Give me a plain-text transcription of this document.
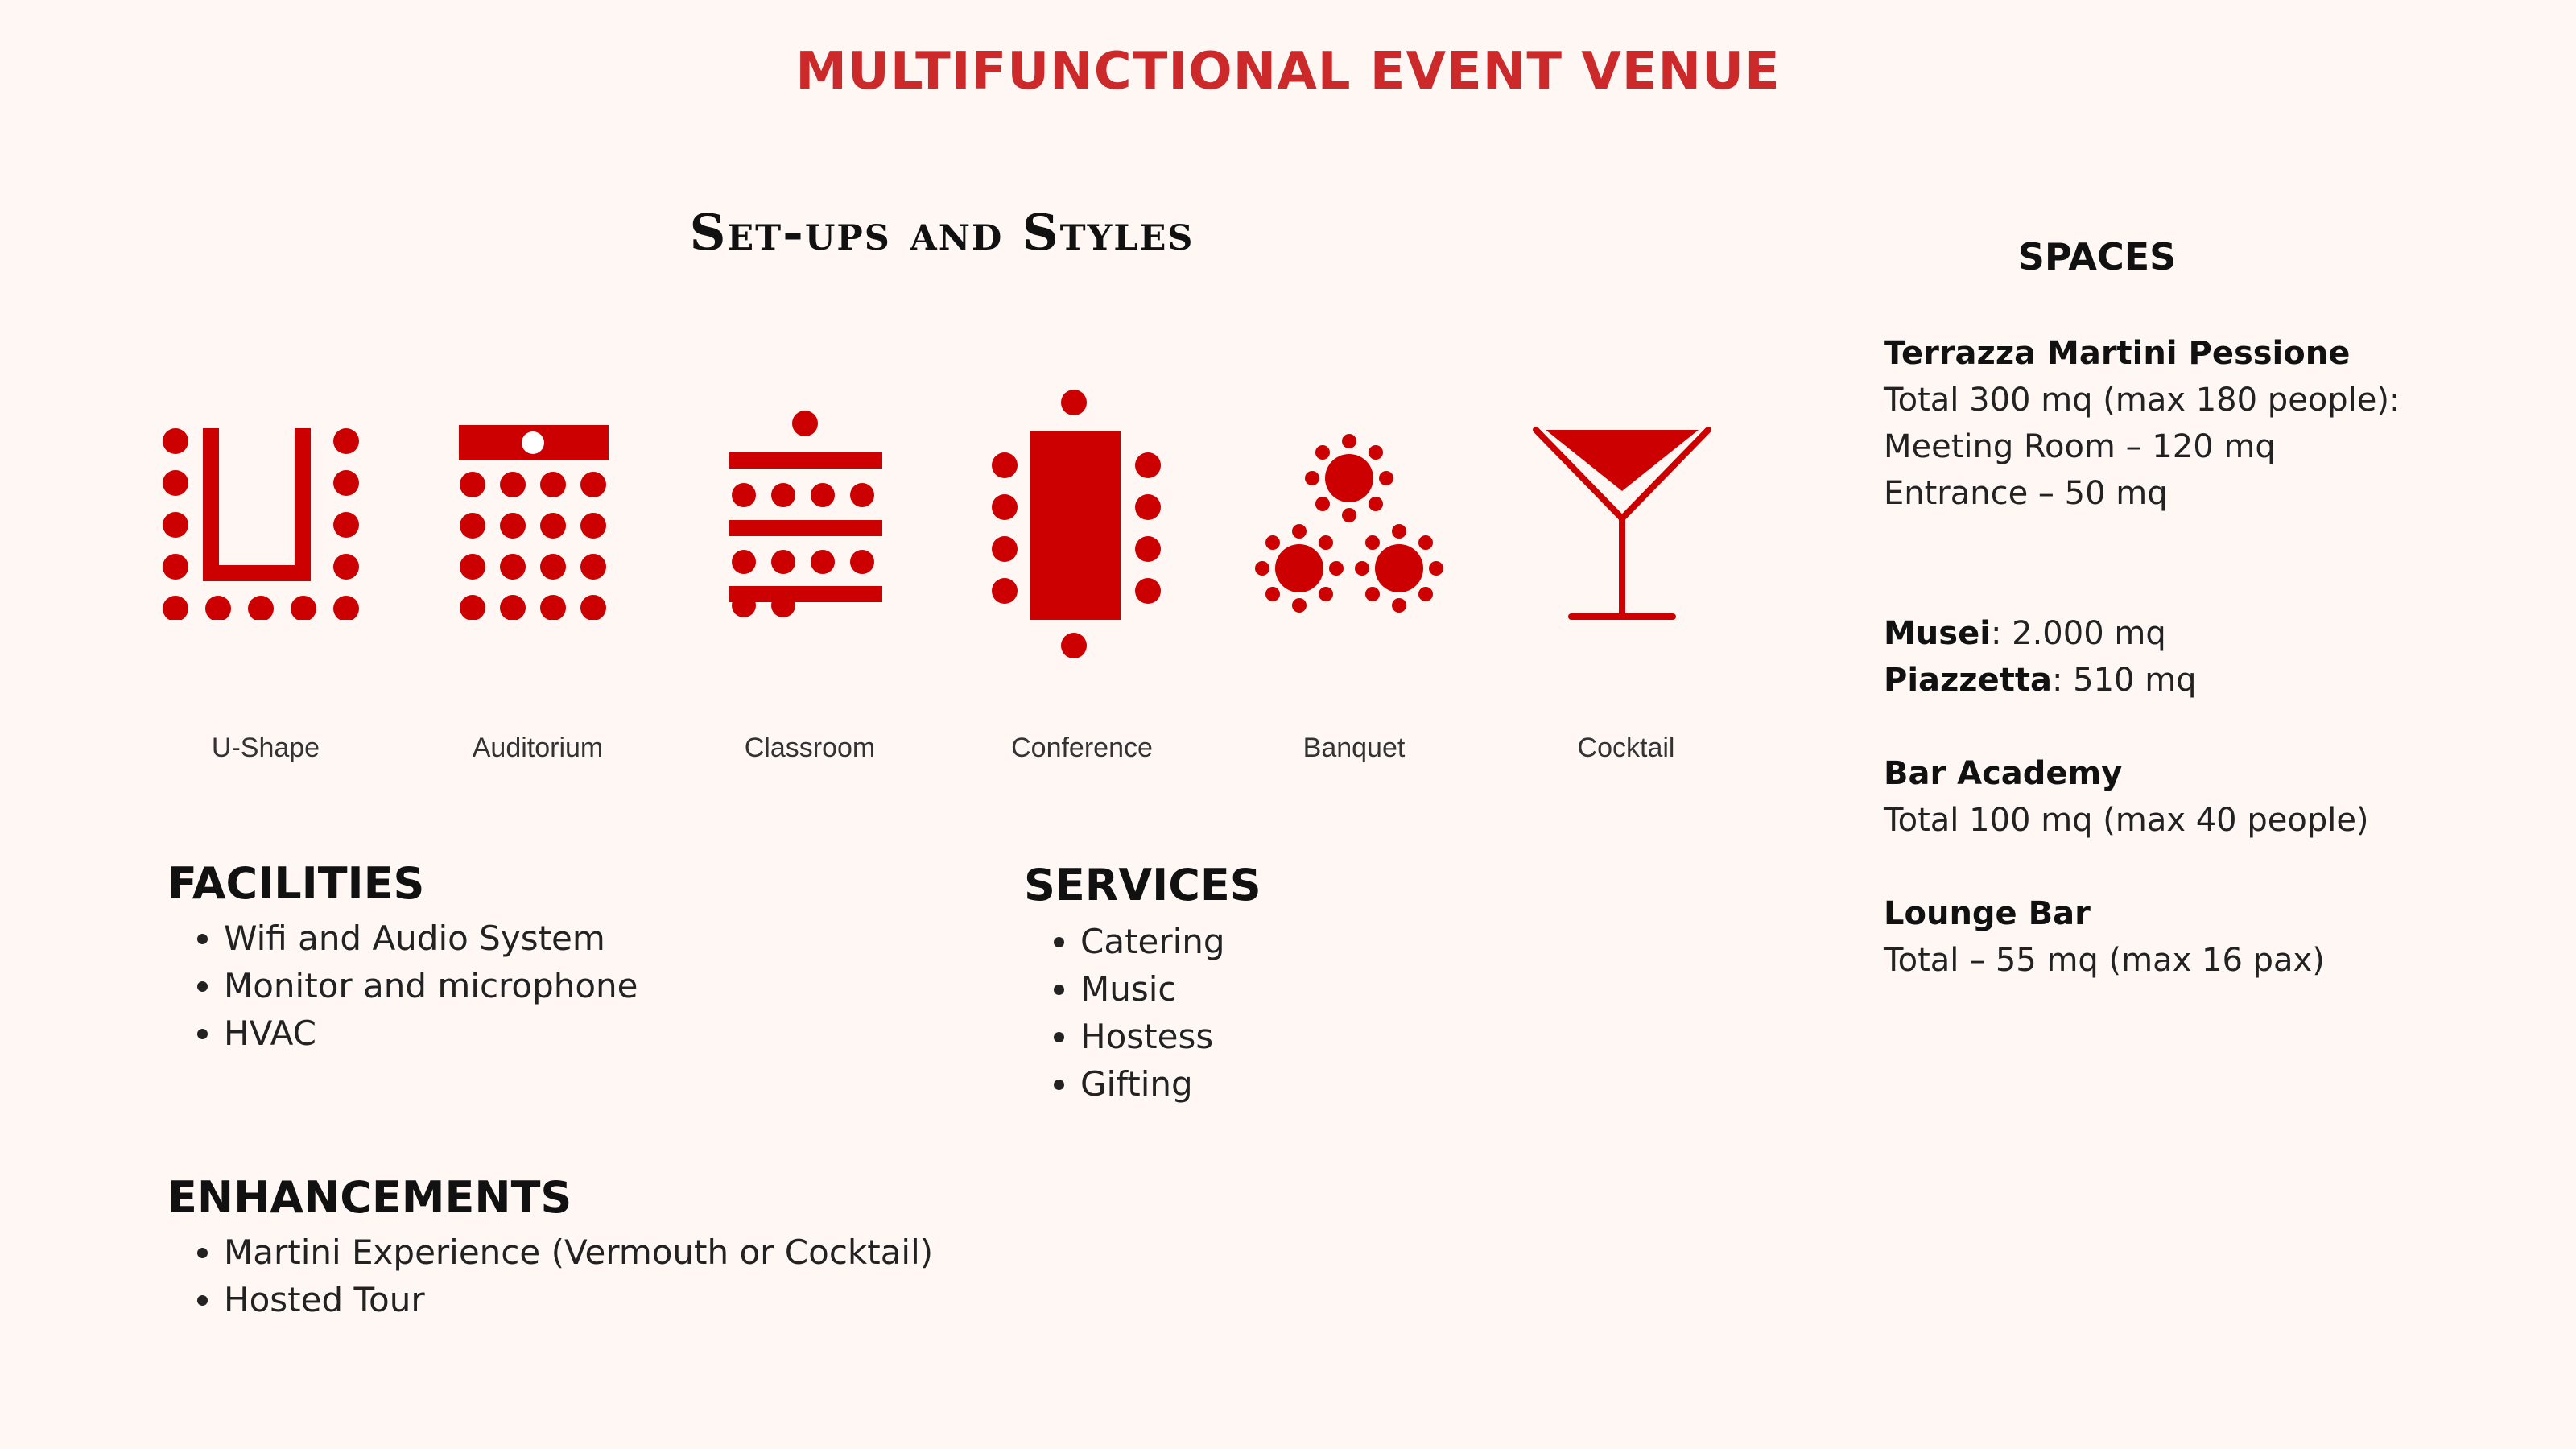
MULTIFUNCTIONAL EVENT VENUE
Set-ups and Styles
U-Shape	Auditorium	Classroom	Conference	Banquet	Cocktail
FACILITIES
• Wifi and Audio System
• Monitor and microphone
• HVAC
SERVICES
• Catering
• Music
• Hostess
• Gifting
ENHANCEMENTS
• Martini Experience (Vermouth or Cocktail)
• Hosted Tour
SPACES
Terrazza Martini Pessione
Total 300 mq (max 180 people):
Meeting Room – 120 mq
Entrance – 50 mq
Musei: 2.000 mq
Piazzetta: 510 mq
Bar Academy
Total 100 mq (max 40 people)
Lounge Bar
Total – 55 mq (max 16 pax)
